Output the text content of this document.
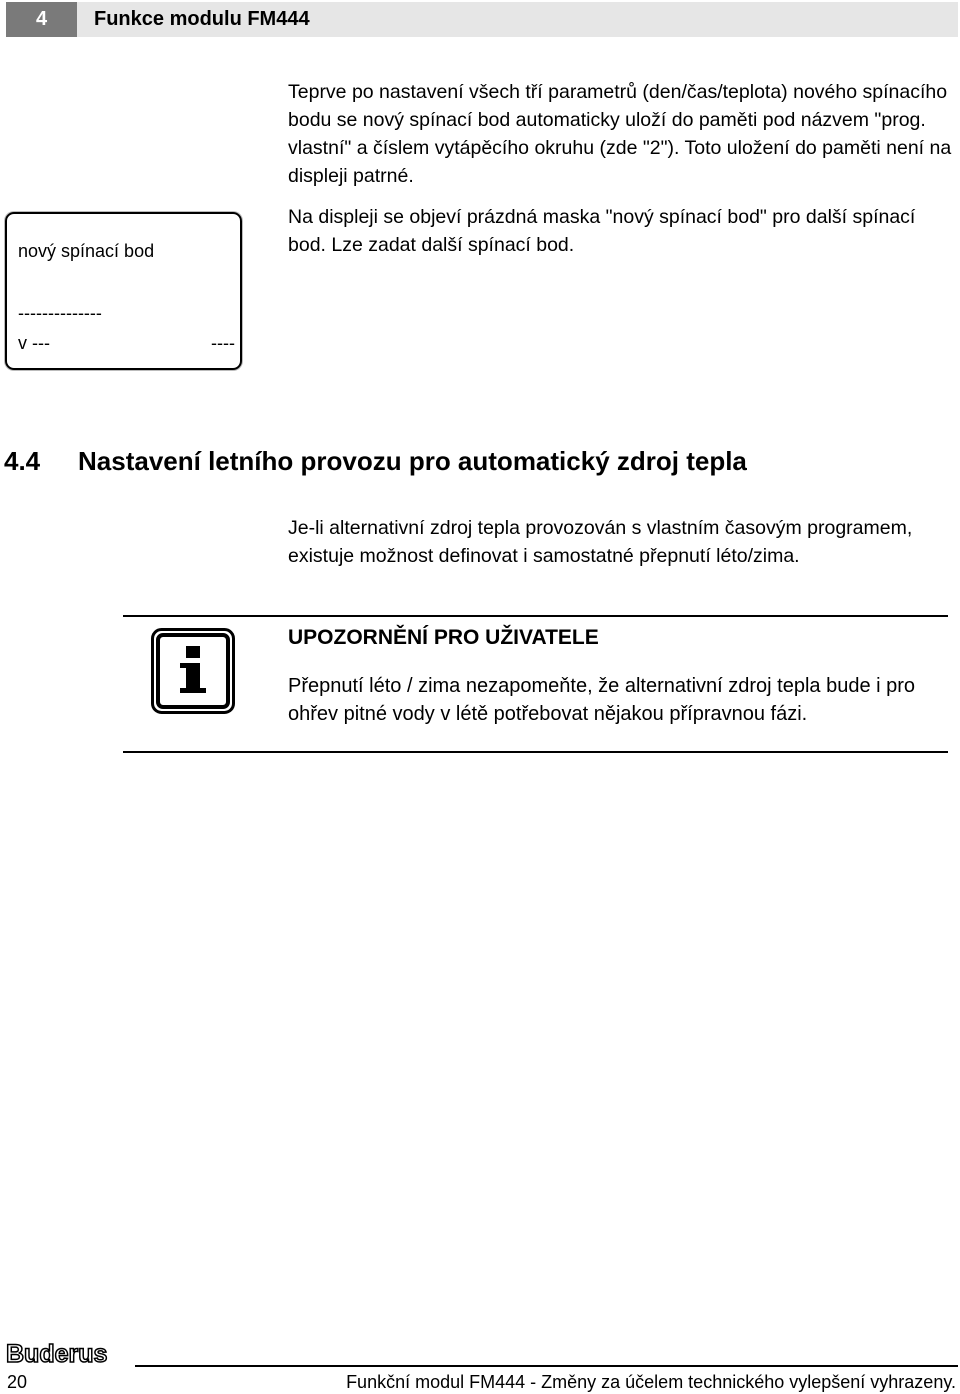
4	Funkce modulu FM444
Teprve po nastavení všech tří parametrů (den/čas/teplota) nového spínacího bodu se nový spínací bod automaticky uloží do paměti pod názvem "prog. vlastní" a číslem vytápěcího okruhu (zde "2"). Toto uložení do paměti není na displeji patrné.
Na displeji se objeví prázdná maska "nový spínací bod" pro další spínací bod. Lze zadat další spínací bod.
nový spínací bod
--------------
v ---	----
4.4 Nastavení letního provozu pro automatický zdroj tepla
Je-li alternativní zdroj tepla provozován s vlastním časovým programem, existuje možnost definovat i samostatné přepnutí léto/zima.
UPOZORNĚNÍ PRO UŽIVATELE
Přepnutí léto / zima nezapomeňte, že alternativní zdroj tepla bude i pro ohřev pitné vody v létě potřebovat nějakou přípravnou fázi.
Buderus
20	Funkční modul FM444 - Změny za účelem technického vylepšení vyhrazeny.
